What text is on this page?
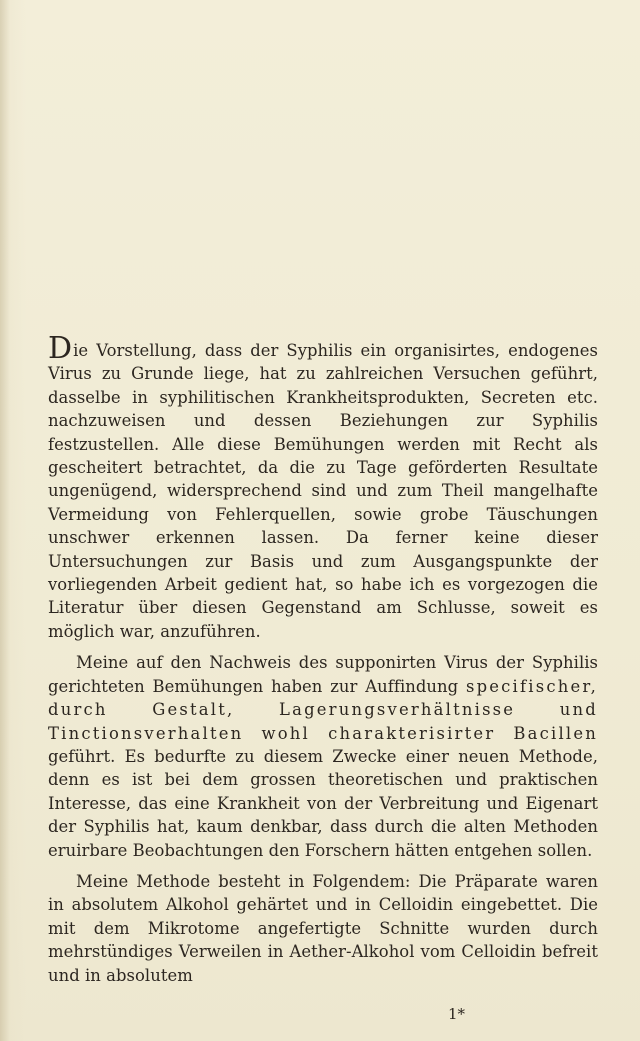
Die Vorstellung, dass der Syphilis ein organisirtes, endogenes Virus zu Grunde liege, hat zu zahlreichen Versuchen geführt, dasselbe in syphilitischen Krankheitsprodukten, Secreten etc. nachzuweisen und dessen Beziehungen zur Syphilis festzustellen. Alle diese Bemühungen werden mit Recht als gescheitert betrachtet, da die zu Tage geförderten Resultate ungenügend, widersprechend sind und zum Theil mangelhafte Vermeidung von Fehlerquellen, sowie grobe Täuschungen unschwer erkennen lassen. Da ferner keine dieser Untersuchungen zur Basis und zum Ausgangspunkte der vorliegenden Arbeit gedient hat, so habe ich es vorgezogen die Literatur über diesen Gegenstand am Schlusse, soweit es möglich war, anzuführen.

Meine auf den Nachweis des supponirten Virus der Syphilis gerichteten Bemühungen haben zur Auffindung specifischer, durch Gestalt, Lagerungsverhältnisse und Tinctionsverhalten wohl charakterisirter Bacillen geführt. Es bedurfte zu diesem Zwecke einer neuen Methode, denn es ist bei dem grossen theoretischen und praktischen Interesse, das eine Krankheit von der Verbreitung und Eigenart der Syphilis hat, kaum denkbar, dass durch die alten Methoden eruirbare Beobachtungen den Forschern hätten entgehen sollen.

Meine Methode besteht in Folgendem: Die Präparate waren in absolutem Alkohol gehärtet und in Celloidin eingebettet. Die mit dem Mikrotome angefertigte Schnitte wurden durch mehrstündiges Verweilen in Aether-Alkohol vom Celloidin befreit und in absolutem

1*
